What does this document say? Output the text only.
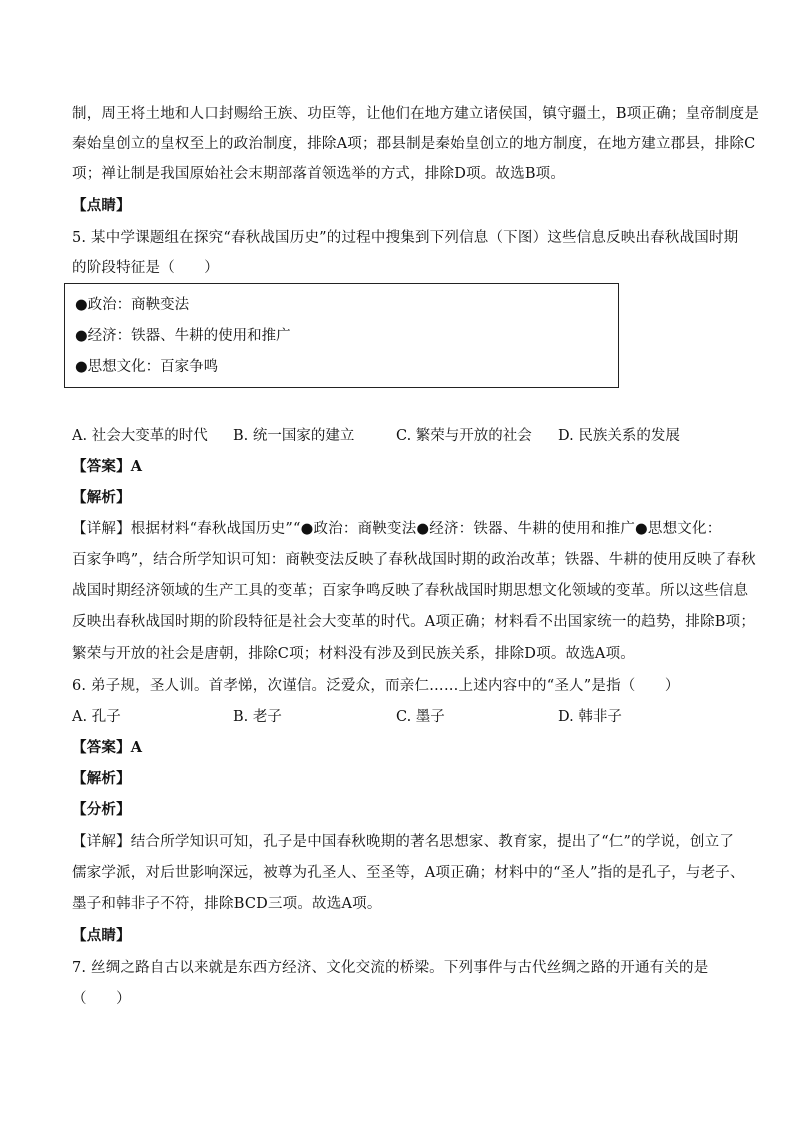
制，周王将土地和人口封赐给王族、功臣等，让他们在地方建立诸侯国，镇守疆土，B项正确；皇帝制度是
秦始皇创立的皇权至上的政治制度，排除A项；郡县制是秦始皇创立的地方制度，在地方建立郡县，排除C
项；禅让制是我国原始社会末期部落首领选举的方式，排除D项。故选B项。
【点睛】
5. 某中学课题组在探究“春秋战国历史”的过程中搜集到下列信息（下图）这些信息反映出春秋战国时期
的阶段特征是（　　）
●政治：商鞅变法
●经济：铁器、牛耕的使用和推广
●思想文化：百家争鸣
A. 社会大变革的时代 B. 统一国家的建立	C. 繁荣与开放的社会 D. 民族关系的发展
【答案】A
【解析】
【详解】根据材料“春秋战国历史”“●政治：商鞅变法●经济：铁器、牛耕的使用和推广●思想文化：
百家争鸣”，结合所学知识可知：商鞅变法反映了春秋战国时期的政治改革；铁器、牛耕的使用反映了春秋
战国时期经济领域的生产工具的变革；百家争鸣反映了春秋战国时期思想文化领域的变革。所以这些信息
反映出春秋战国时期的阶段特征是社会大变革的时代。A项正确；材料看不出国家统一的趋势，排除B项；
繁荣与开放的社会是唐朝，排除C项；材料没有涉及到民族关系，排除D项。故选A项。
6. 弟子规，圣人训。首孝悌，次谨信。泛爱众，而亲仁……上述内容中的“圣人”是指（　　）
A. 孔子	B. 老子	C. 墨子	D. 韩非子
【答案】A
【解析】
【分析】
【详解】结合所学知识可知，孔子是中国春秋晚期的著名思想家、教育家，提出了“仁”的学说，创立了
儒家学派，对后世影响深远，被尊为孔圣人、至圣等，A项正确；材料中的“圣人”指的是孔子，与老子、
墨子和韩非子不符，排除BCD三项。故选A项。
【点睛】
7. 丝绸之路自古以来就是东西方经济、文化交流的桥梁。下列事件与古代丝绸之路的开通有关的是
（　　）
